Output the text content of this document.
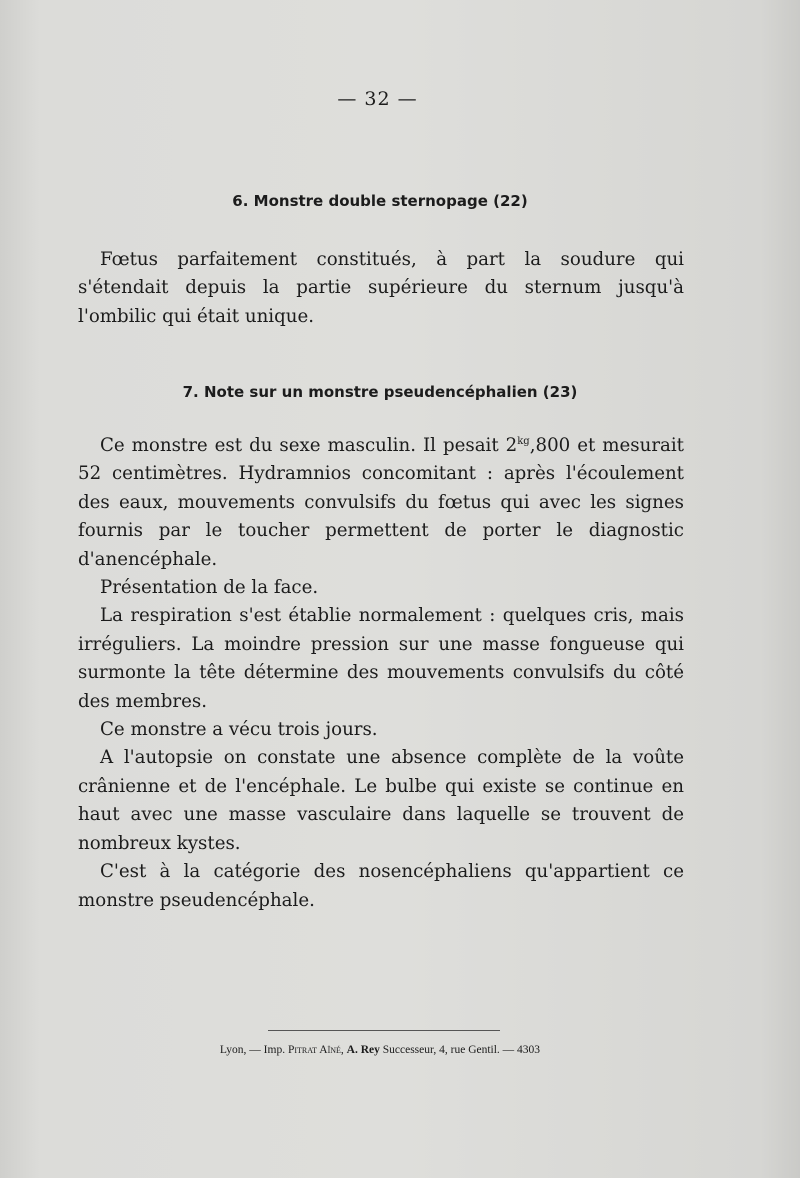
— 32 —
6. Monstre double sternopage (22)

Fœtus parfaitement constitués, à part la soudure qui s'étendait depuis la partie supérieure du sternum jusqu'à l'ombilic qui était unique.

7. Note sur un monstre pseudencéphalien (23)

Ce monstre est du sexe masculin. Il pesait $2^{kg},800$ et mesurait 52 centimètres. Hydramnios concomitant : après l'écoulement des eaux, mouvements convulsifs du fœtus qui avec les signes fournis par le toucher permettent de porter le diagnostic d'anencéphale.

Présentation de la face.

La respiration s'est établie normalement : quelques cris, mais irréguliers. La moindre pression sur une masse fongueuse qui surmonte la tête détermine des mouvements convulsifs du côté des membres.

Ce monstre a vécu trois jours.

A l'autopsie on constate une absence complète de la voûte crânienne et de l'encéphale. Le bulbe qui existe se continue en haut avec une masse vasculaire dans laquelle se trouvent de nombreux kystes.

C'est à la catégorie des nosencéphaliens qu'appartient ce monstre pseudencéphale.

Lyon, — Imp. Pitrat Aîné, A. Rey Successeur, 4, rue Gentil. — 4303
